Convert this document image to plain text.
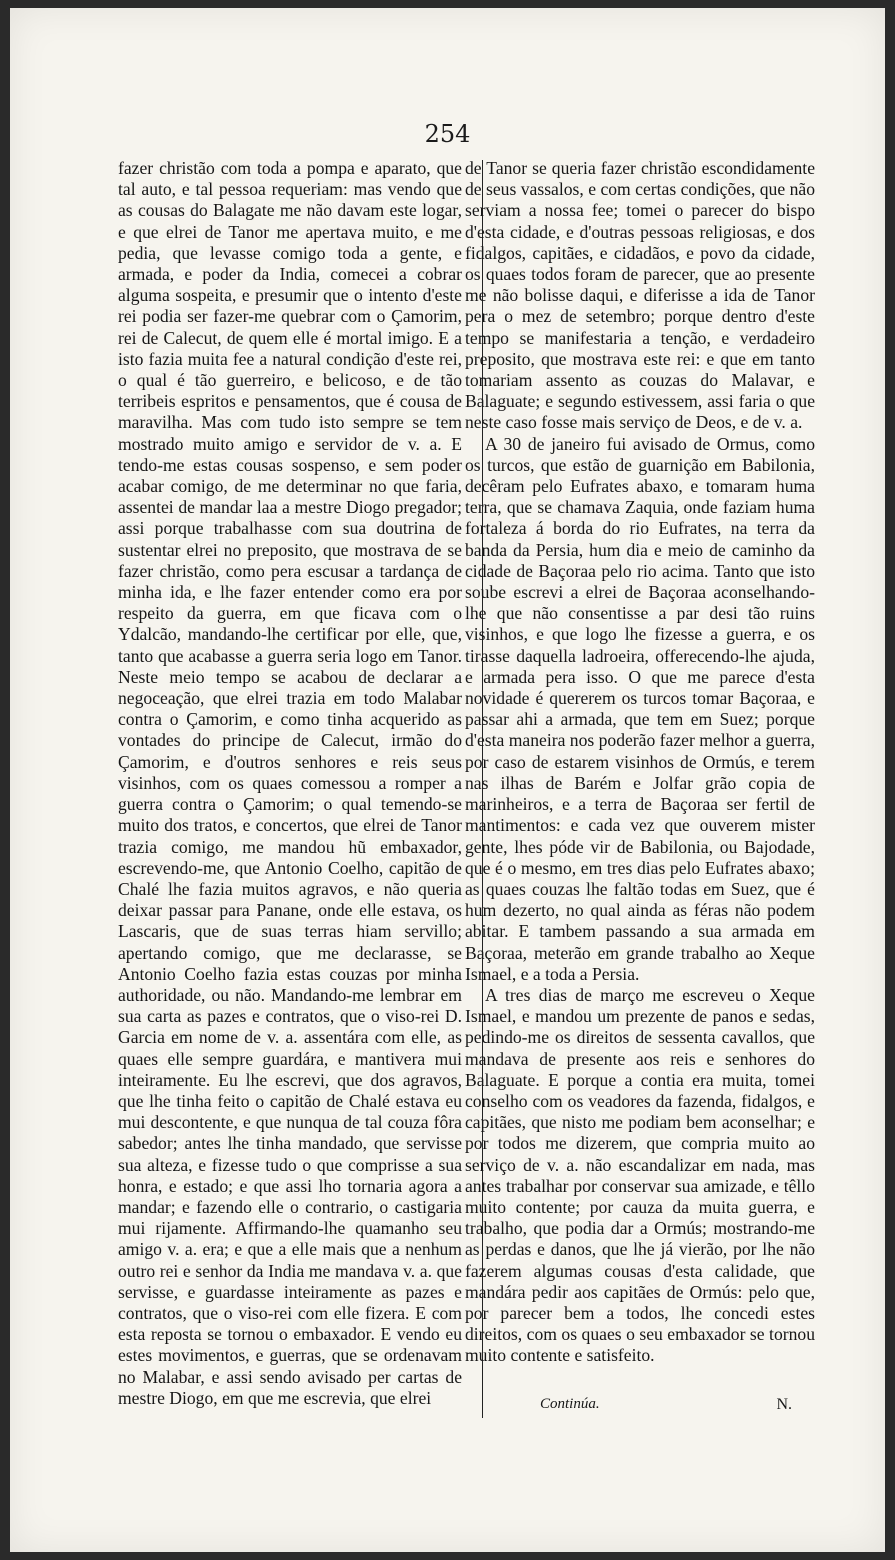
254

fazer christão com toda a pompa e aparato, que tal auto, e tal pessoa requeriam: mas vendo que as cousas do Balagate me não davam este logar, e que elrei de Tanor me apertava muito, e me pedia, que levasse comigo toda a gente, e armada, e poder da India, comecei a cobrar alguma sospeita, e presumir que o intento d'este rei podia ser fazer-me quebrar com o Çamorim, rei de Calecut, de quem elle é mortal imigo. E a isto fazia muita fee a natural condição d'este rei, o qual é tão guerreiro, e belicoso, e de tão terribeis espritos e pensamentos, que é cousa de maravilha. Mas com tudo isto sempre se tem mostrado muito amigo e servidor de v. a. E tendo-me estas cousas sospenso, e sem poder acabar comigo, de me determinar no que faria, assentei de mandar laa a mestre Diogo pregador; assi porque trabalhasse com sua doutrina de sustentar elrei no preposito, que mostrava de se fazer christão, como pera escusar a tardança de minha ida, e lhe fazer entender como era por respeito da guerra, em que ficava com o Ydalcão, mandando-lhe certificar por elle, que, tanto que acabasse a guerra seria logo em Tanor. Neste meio tempo se acabou de declarar a negoceação, que elrei trazia em todo Malabar contra o Çamorim, e como tinha acquerido as vontades do principe de Calecut, irmão do Çamorim, e d'outros senhores e reis seus visinhos, com os quaes comessou a romper a guerra contra o Çamorim; o qual temendo-se muito dos tratos, e concertos, que elrei de Tanor trazia comigo, me mandou hũ embaxador, escrevendo-me, que Antonio Coelho, capitão de Chalé lhe fazia muitos agravos, e não queria deixar passar para Panane, onde elle estava, os Lascaris, que de suas terras hiam servillo; apertando comigo, que me declarasse, se Antonio Coelho fazia estas couzas por minha authoridade, ou não. Mandando-me lembrar em sua carta as pazes e contratos, que o viso-rei D. Garcia em nome de v. a. assentára com elle, as quaes elle sempre guardára, e mantivera mui inteiramente. Eu lhe escrevi, que dos agravos, que lhe tinha feito o capitão de Chalé estava eu mui descontente, e que nunqua de tal couza fôra sabedor; antes lhe tinha mandado, que servisse sua alteza, e fizesse tudo o que comprisse a sua honra, e estado; e que assi lho tornaria agora a mandar; e fazendo elle o contrario, o castigaria mui rijamente. Affirmando-lhe quamanho seu amigo v. a. era; e que a elle mais que a nenhum outro rei e senhor da India me mandava v. a. que servisse, e guardasse inteiramente as pazes e contratos, que o viso-rei com elle fizera. E com esta reposta se tornou o embaxador. E vendo eu estes movimentos, e guerras, que se ordenavam no Malabar, e assi sendo avisado per cartas de mestre Diogo, em que me escrevia, que elrei

de Tanor se queria fazer christão escondidamente de seus vassalos, e com certas condições, que não serviam a nossa fee; tomei o parecer do bispo d'esta cidade, e d'outras pessoas religiosas, e dos fidalgos, capitães, e cidadãos, e povo da cidade, os quaes todos foram de parecer, que ao presente me não bolisse daqui, e diferisse a ida de Tanor pera o mez de setembro; porque dentro d'este tempo se manifestaria a tenção, e verdadeiro preposito, que mostrava este rei: e que em tanto tomariam assento as couzas do Malavar, e Balaguate; e segundo estivessem, assi faria o que neste caso fosse mais serviço de Deos, e de v. a.

A 30 de janeiro fui avisado de Ormus, como os turcos, que estão de guarnição em Babilonia, decêram pelo Eufrates abaxo, e tomaram huma terra, que se chamava Zaquia, onde faziam huma fortaleza á borda do rio Eufrates, na terra da banda da Persia, hum dia e meio de caminho da cidade de Baçoraa pelo rio acima. Tanto que isto soube escrevi a elrei de Baçoraa aconselhando-lhe que não consentisse a par desi tão ruins visinhos, e que logo lhe fizesse a guerra, e os tirasse daquella ladroeira, offerecendo-lhe ajuda, e armada pera isso. O que me parece d'esta novidade é quererem os turcos tomar Baçoraa, e passar ahi a armada, que tem em Suez; porque d'esta maneira nos poderão fazer melhor a guerra, por caso de estarem visinhos de Ormús, e terem nas ilhas de Barém e Jolfar grão copia de marinheiros, e a terra de Baçoraa ser fertil de mantimentos: e cada vez que ouverem mister gente, lhes póde vir de Babilonia, ou Bajodade, que é o mesmo, em tres dias pelo Eufrates abaxo; as quaes couzas lhe faltão todas em Suez, que é hum dezerto, no qual ainda as féras não podem abitar. E tambem passando a sua armada em Baçoraa, meterão em grande trabalho ao Xeque Ismael, e a toda a Persia.

A tres dias de março me escreveu o Xeque Ismael, e mandou um prezente de panos e sedas, pedindo-me os direitos de sessenta cavallos, que mandava de presente aos reis e senhores do Balaguate. E porque a contia era muita, tomei conselho com os veadores da fazenda, fidalgos, e capitães, que nisto me podiam bem aconselhar; e por todos me dizerem, que compria muito ao serviço de v. a. não escandalizar em nada, mas antes trabalhar por conservar sua amizade, e têllo muito contente; por cauza da muita guerra, e trabalho, que podia dar a Ormús; mostrando-me as perdas e danos, que lhe já vierão, por lhe não fazerem algumas cousas d'esta calidade, que mandára pedir aos capitães de Ormús: pelo que, por parecer bem a todos, lhe concedi estes direitos, com os quaes o seu embaxador se tornou muito contente e satisfeito.

Continúa.	N.
